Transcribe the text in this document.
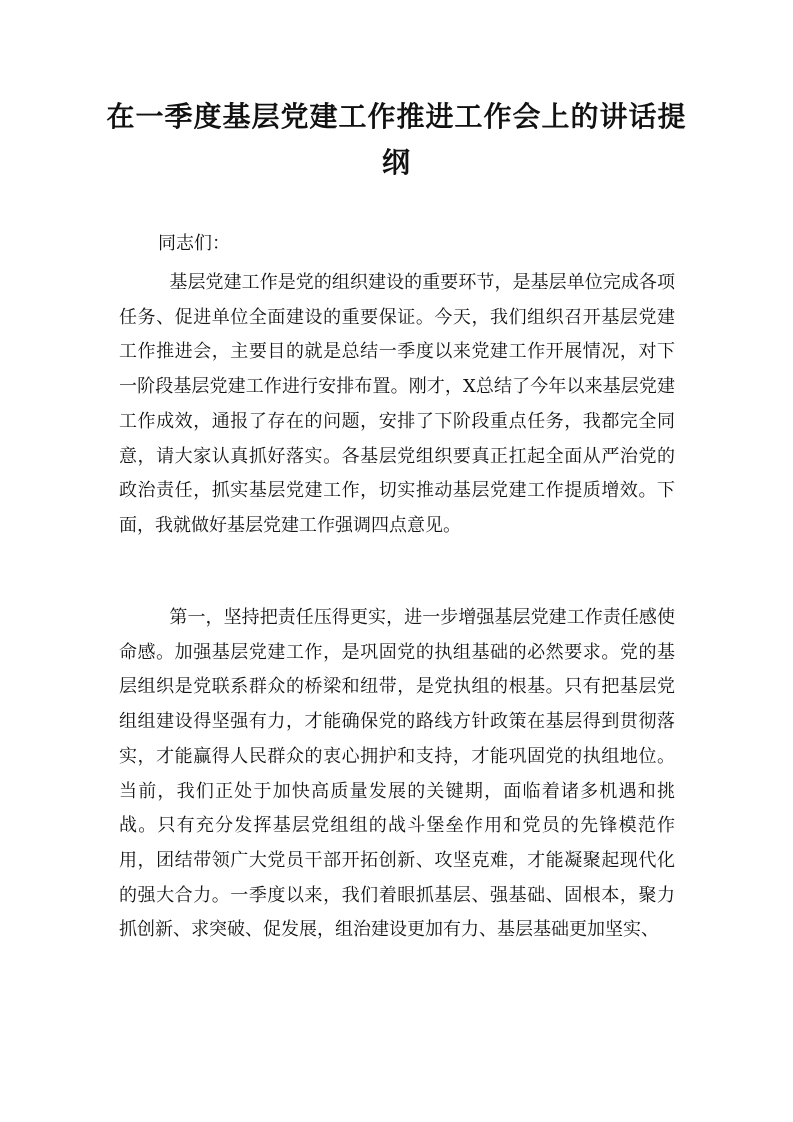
在一季度基层党建工作推进工作会上的讲话提纲

同志们：

基层党建工作是党的组织建设的重要环节，是基层单位完成各项任务、促进单位全面建设的重要保证。今天，我们组织召开基层党建工作推进会，主要目的就是总结一季度以来党建工作开展情况，对下一阶段基层党建工作进行安排布置。刚才，X总结了今年以来基层党建工作成效，通报了存在的问题，安排了下阶段重点任务，我都完全同意，请大家认真抓好落实。各基层党组织要真正扛起全面从严治党的政治责任，抓实基层党建工作，切实推动基层党建工作提质增效。下面，我就做好基层党建工作强调四点意见。

第一，坚持把责任压得更实，进一步增强基层党建工作责任感使命感。加强基层党建工作，是巩固党的执组基础的必然要求。党的基层组织是党联系群众的桥梁和纽带，是党执组的根基。只有把基层党组组建设得坚强有力，才能确保党的路线方针政策在基层得到贯彻落实，才能赢得人民群众的衷心拥护和支持，才能巩固党的执组地位。当前，我们正处于加快高质量发展的关键期，面临着诸多机遇和挑战。只有充分发挥基层党组组的战斗堡垒作用和党员的先锋模范作用，团结带领广大党员干部开拓创新、攻坚克难，才能凝聚起现代化的强大合力。一季度以来，我们着眼抓基层、强基础、固根本，聚力抓创新、求突破、促发展，组治建设更加有力、基层基础更加坚实、
